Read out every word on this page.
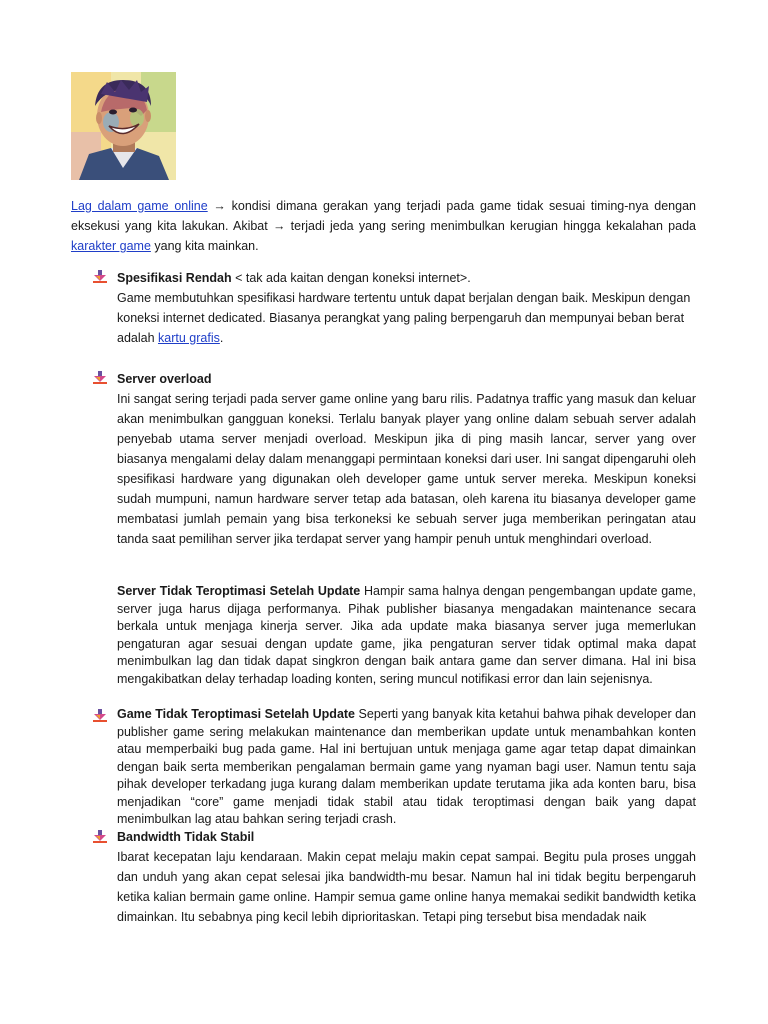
Lag dalam game online → kondisi dimana gerakan yang terjadi pada game tidak sesuai timing-nya dengan eksekusi yang kita lakukan. Akibat → terjadi jeda yang sering menimbulkan kerugian hingga kekalahan pada karakter game yang kita mainkan.
Spesifikasi Rendah < tak ada kaitan dengan koneksi internet>.
Game membutuhkan spesifikasi hardware tertentu untuk dapat berjalan dengan baik. Meskipun dengan koneksi internet dedicated. Biasanya perangkat yang paling berpengaruh dan mempunyai beban berat adalah kartu grafis.
Server overload
Ini sangat sering terjadi pada server game online yang baru rilis. Padatnya traffic yang masuk dan keluar akan menimbulkan gangguan koneksi. Terlalu banyak player yang online dalam sebuah server adalah penyebab utama server menjadi overload. Meskipun jika di ping masih lancar, server yang over biasanya mengalami delay dalam menanggapi permintaan koneksi dari user. Ini sangat dipengaruhi oleh spesifikasi hardware yang digunakan oleh developer game untuk server mereka. Meskipun koneksi sudah mumpuni, namun hardware server tetap ada batasan, oleh karena itu biasanya developer game membatasi jumlah pemain yang bisa terkoneksi ke sebuah server juga memberikan peringatan atau tanda saat pemilihan server jika terdapat server yang hampir penuh untuk menghindari overload.
Server Tidak Teroptimasi Setelah Update Hampir sama halnya dengan pengembangan update game, server juga harus dijaga performanya. Pihak publisher biasanya mengadakan maintenance secara berkala untuk menjaga kinerja server. Jika ada update maka biasanya server juga memerlukan pengaturan agar sesuai dengan update game, jika pengaturan server tidak optimal maka dapat menimbulkan lag dan tidak dapat singkron dengan baik antara game dan server dimana. Hal ini bisa mengakibatkan delay terhadap loading konten, sering muncul notifikasi error dan lain sejenisnya.
Game Tidak Teroptimasi Setelah Update Seperti yang banyak kita ketahui bahwa pihak developer dan publisher game sering melakukan maintenance dan memberikan update untuk menambahkan konten atau memperbaiki bug pada game. Hal ini bertujuan untuk menjaga game agar tetap dapat dimainkan dengan baik serta memberikan pengalaman bermain game yang nyaman bagi user. Namun tentu saja pihak developer terkadang juga kurang dalam memberikan update terutama jika ada konten baru, bisa menjadikan “core” game menjadi tidak stabil atau tidak teroptimasi dengan baik yang dapat menimbulkan lag atau bahkan sering terjadi crash.
Bandwidth Tidak Stabil
Ibarat kecepatan laju kendaraan. Makin cepat melaju makin cepat sampai. Begitu pula proses unggah dan unduh yang akan cepat selesai jika bandwidth-mu besar. Namun hal ini tidak begitu berpengaruh ketika kalian bermain game online. Hampir semua game online hanya memakai sedikit bandwidth ketika dimainkan. Itu sebabnya ping kecil lebih diprioritaskan. Tetapi ping tersebut bisa mendadak naik
